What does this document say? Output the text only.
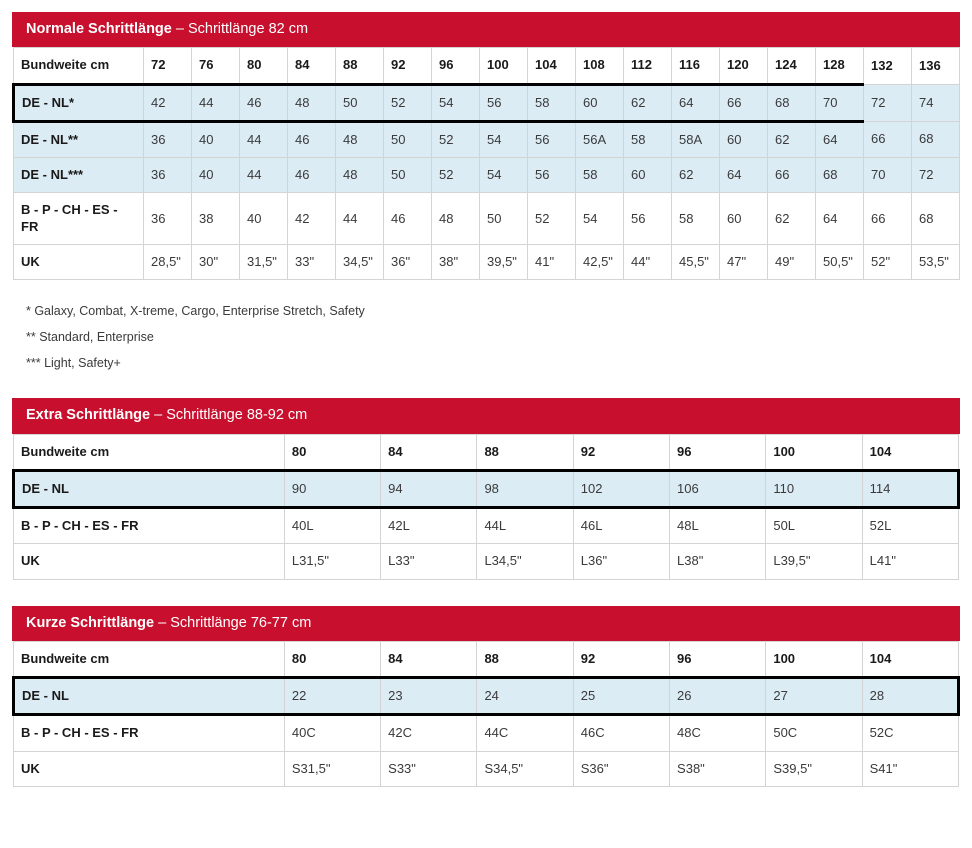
Normale Schrittlänge – Schrittlänge 82 cm
Bundweite cm	72	76	80	84	88	92	96	100	104	108	112	116	120	124	128	132	136
DE - NL*	42	44	46	48	50	52	54	56	58	60	62	64	66	68	70	72	74
DE - NL**	36	40	44	46	48	50	52	54	56	56A	58	58A	60	62	64	66	68
DE - NL***	36	40	44	46	48	50	52	54	56	58	60	62	64	66	68	70	72
B - P - CH - ES - FR	36	38	40	42	44	46	48	50	52	54	56	58	60	62	64	66	68
UK	28,5"	30"	31,5"	33"	34,5"	36"	38"	39,5"	41"	42,5"	44"	45,5"	47"	49"	50,5"	52"	53,5"
* Galaxy, Combat, X-treme, Cargo, Enterprise Stretch, Safety
** Standard, Enterprise
*** Light, Safety+
Extra Schrittlänge – Schrittlänge 88-92 cm
Bundweite cm	80	84	88	92	96	100	104
DE - NL	90	94	98	102	106	110	114
B - P - CH - ES - FR	40L	42L	44L	46L	48L	50L	52L
UK	L31,5"	L33"	L34,5"	L36"	L38"	L39,5"	L41"
Kurze Schrittlänge – Schrittlänge 76-77 cm
Bundweite cm	80	84	88	92	96	100	104
DE - NL	22	23	24	25	26	27	28
B - P - CH - ES - FR	40C	42C	44C	46C	48C	50C	52C
UK	S31,5"	S33"	S34,5"	S36"	S38"	S39,5"	S41"
